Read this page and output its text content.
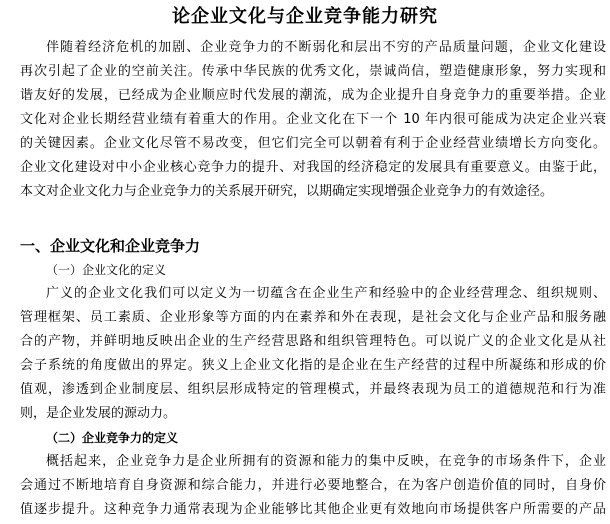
论企业文化与企业竞争能力研究
伴随着经济危机的加剧、企业竞争力的不断弱化和层出不穷的产品质量问题，企业文化建设
再次引起了企业的空前关注。传承中华民族的优秀文化，崇诚尚信，塑造健康形象，努力实现和
谐友好的发展，已经成为企业顺应时代发展的潮流，成为企业提升自身竞争力的重要举措。企业
文化对企业长期经营业绩有着重大的作用。企业文化在下一个 10 年内很可能成为决定企业兴衰
的关键因素。企业文化尽管不易改变，但它们完全可以朝着有利于企业经营业绩增长方向变化。
企业文化建设对中小企业核心竞争力的提升、对我国的经济稳定的发展具有重要意义。由鉴于此，
本文对企业文化力与企业竞争力的关系展开研究，以期确定实现增强企业竞争力的有效途径。
一、企业文化和企业竞争力
（一）企业文化的定义
广义的企业文化我们可以定义为一切蕴含在企业生产和经验中的企业经营理念、组织规则、
管理框架、员工素质、企业形象等方面的内在素养和外在表现，是社会文化与企业产品和服务融
合的产物，并鲜明地反映出企业的生产经营思路和组织管理特色。可以说广义的企业文化是从社
会子系统的角度做出的界定。狭义上企业文化指的是企业在生产经营的过程中所凝练和形成的价
值观，渗透到企业制度层、组织层形成特定的管理模式，并最终表现为员工的道德规范和行为准
则，是企业发展的源动力。
（二）企业竞争力的定义
概括起来，企业竞争力是企业所拥有的资源和能力的集中反映，在竞争的市场条件下，企业
会通过不断地培育自身资源和综合能力，并进行必要地整合，在为客户创造价值的同时，自身价
值逐步提升。这种竞争力通常表现为企业能够比其他企业更有效地向市场提供客户所需要的产品
